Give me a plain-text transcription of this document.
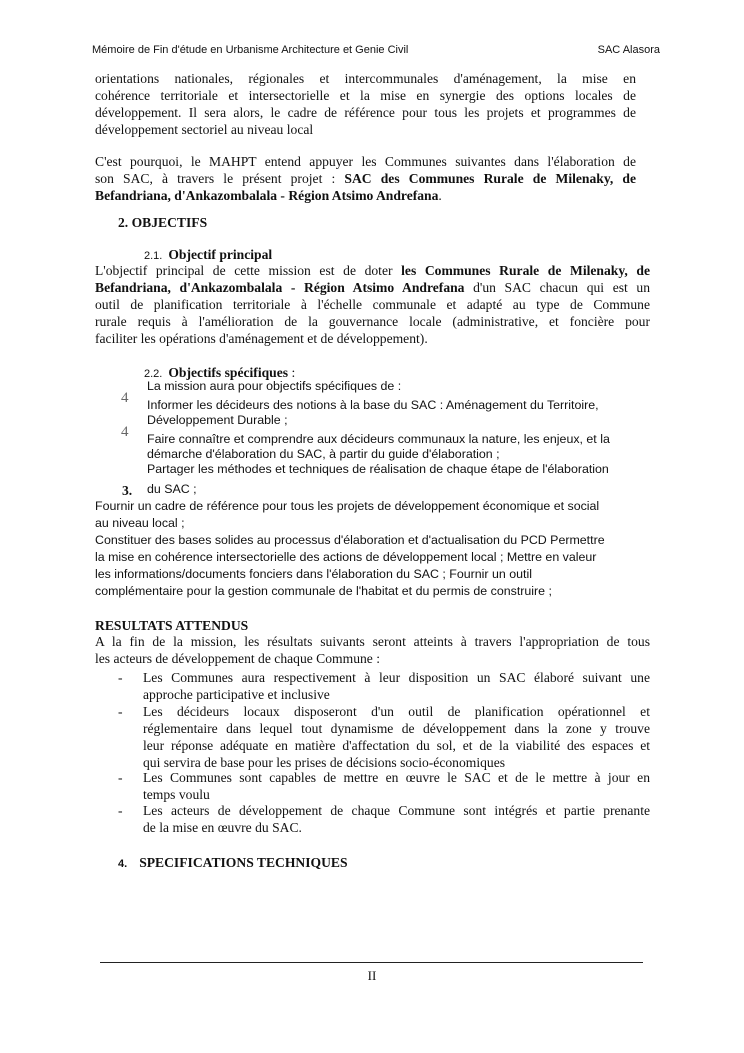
Mémoire de Fin d'étude en Urbanisme Architecture et Genie Civil	SAC Alasora
orientations nationales, régionales et intercommunales d'aménagement, la mise en
cohérence territoriale et intersectorielle et la mise en synergie des options locales de
développement. Il sera alors, le cadre de référence pour tous les projets et programmes de
développement sectoriel au niveau local
C'est pourquoi, le MAHPT entend appuyer les Communes suivantes dans l'élaboration de
son SAC, à travers le présent projet : SAC des Communes Rurale de Milenaky, de
Befandriana, d'Ankazombalala - Région Atsimo Andrefana.
2. OBJECTIFS
2.1. Objectif principal
L'objectif principal de cette mission est de doter les Communes Rurale de Milenaky, de
Befandriana, d'Ankazombalala - Région Atsimo Andrefana d'un SAC chacun qui est un
outil de planification territoriale à l'échelle communale et adapté au type de Commune
rurale requis à l'amélioration de la gouvernance locale (administrative, et foncière pour
faciliter les opérations d'aménagement et de développement).
2.2. Objectifs spécifiques :
La mission aura pour objectifs spécifiques de :
4 Informer les décideurs des notions à la base du SAC : Aménagement du Territoire,
Développement Durable ;
4 Faire connaître et comprendre aux décideurs communaux la nature, les enjeux, et la
démarche d'élaboration du SAC, à partir du guide d'élaboration ;
Partager les méthodes et techniques de réalisation de chaque étape de l'élaboration
3. du SAC ;
Fournir un cadre de référence pour tous les projets de développement économique et social
au niveau local ;
Constituer des bases solides au processus d'élaboration et d'actualisation du PCD Permettre
la mise en cohérence intersectorielle des actions de développement local ; Mettre en valeur
les informations/documents fonciers dans l'élaboration du SAC ; Fournir un outil
complémentaire pour la gestion communale de l'habitat et du permis de construire ;
RESULTATS ATTENDUS
A la fin de la mission, les résultats suivants seront atteints à travers l'appropriation de tous
les acteurs de développement de chaque Commune :
- Les Communes aura respectivement à leur disposition un SAC élaboré suivant une
approche participative et inclusive
- Les décideurs locaux disposeront d'un outil de planification opérationnel et
réglementaire dans lequel tout dynamisme de développement dans la zone y trouve
leur réponse adéquate en matière d'affectation du sol, et de la viabilité des espaces et
qui servira de base pour les prises de décisions socio-économiques
- Les Communes sont capables de mettre en œuvre le SAC et de le mettre à jour en
temps voulu
- Les acteurs de développement de chaque Commune sont intégrés et partie prenante
de la mise en œuvre du SAC.
4. SPECIFICATIONS TECHNIQUES
II
